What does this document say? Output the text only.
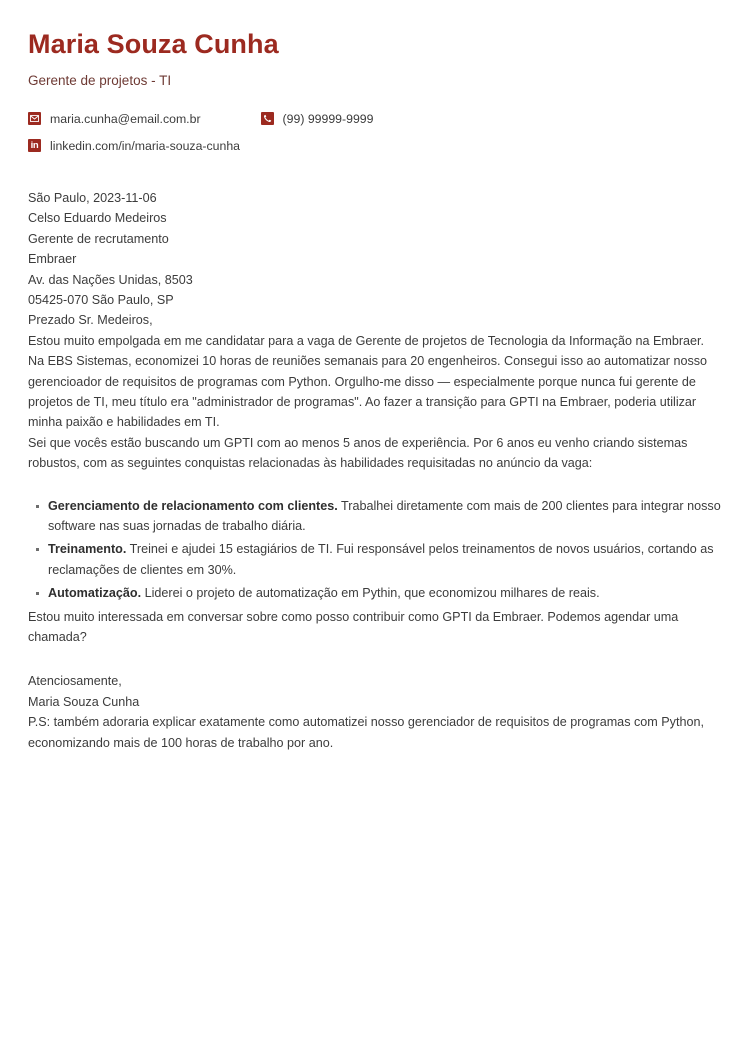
Maria Souza Cunha
Gerente de projetos - TI
maria.cunha@email.com.br	(99) 99999-9999
in linkedin.com/in/maria-souza-cunha
São Paulo, 2023-11-06
Celso Eduardo Medeiros
Gerente de recrutamento
Embraer
Av. das Nações Unidas, 8503
05425-070 São Paulo, SP

Prezado Sr. Medeiros,

Estou muito empolgada em me candidatar para a vaga de Gerente de projetos de Tecnologia da Informação na Embraer.

Na EBS Sistemas, economizei 10 horas de reuniões semanais para 20 engenheiros. Consegui isso ao automatizar nosso gerencioador de requisitos de programas com Python. Orgulho-me disso — especialmente porque nunca fui gerente de projetos de TI, meu título era "administrador de programas". Ao fazer a transição para GPTI na Embraer, poderia utilizar minha paixão e habilidades em TI.

Sei que vocês estão buscando um GPTI com ao menos 5 anos de experiência. Por 6 anos eu venho criando sistemas robustos, com as seguintes conquistas relacionadas às habilidades requisitadas no anúncio da vaga:

Gerenciamento de relacionamento com clientes. Trabalhei diretamente com mais de 200 clientes para integrar nosso software nas suas jornadas de trabalho diária.
Treinamento. Treinei e ajudei 15 estagiários de TI. Fui responsável pelos treinamentos de novos usuários, cortando as reclamações de clientes em 30%.
Automatização. Liderei o projeto de automatização em Pythin, que economizou milhares de reais.

Estou muito interessada em conversar sobre como posso contribuir como GPTI da Embraer. Podemos agendar uma chamada?

Atenciosamente,
Maria Souza Cunha

P.S: também adoraria explicar exatamente como automatizei nosso gerenciador de requisitos de programas com Python, economizando mais de 100 horas de trabalho por ano.
